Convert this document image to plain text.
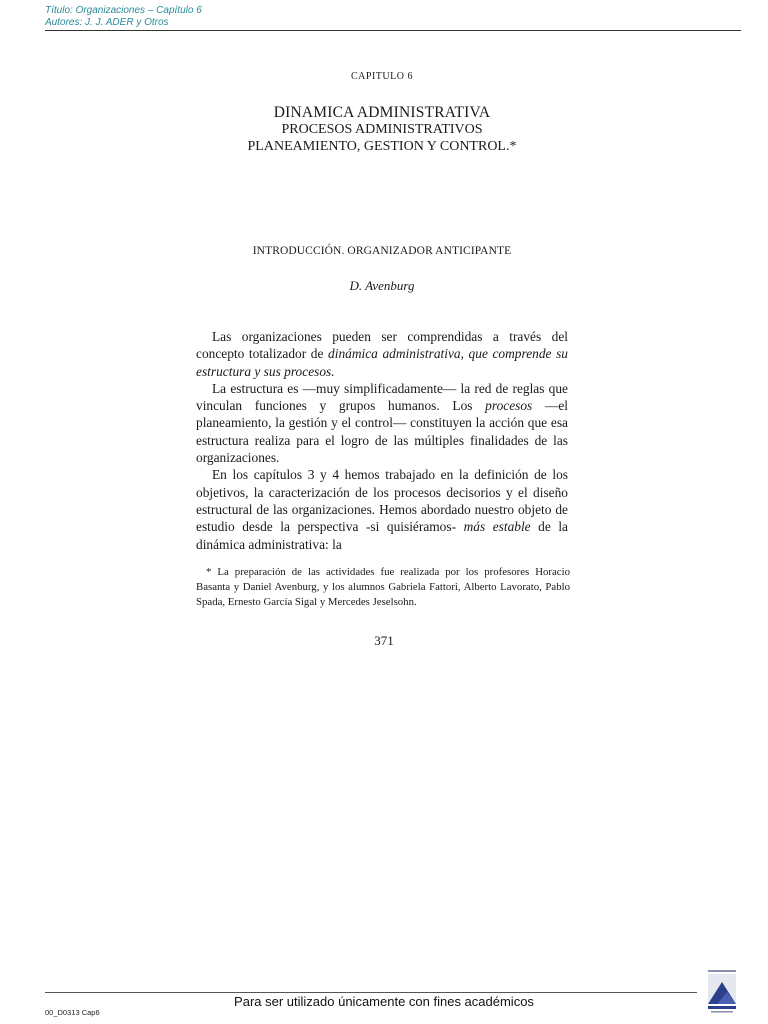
Título: Organizaciones – Capítulo 6
Autores: J. J. ADER y Otros
CAPITULO 6
DINAMICA ADMINISTRATIVA
PROCESOS ADMINISTRATIVOS
PLANEAMIENTO, GESTION Y CONTROL.*
INTRODUCCIÓN. ORGANIZADOR ANTICIPANTE
D. Avenburg

Las organizaciones pueden ser comprendidas a través del concepto totalizador de dinámica administrativa, que comprende su estructura y sus procesos.

La estructura es —muy simplificadamente— la red de reglas que vinculan funciones y grupos humanos. Los procesos —el planeamiento, la gestión y el control— constituyen la acción que esa estructura realiza para el logro de las múltiples finalidades de las organizaciones.

En los capítulos 3 y 4 hemos trabajado en la definición de los objetivos, la caracterización de los procesos decisorios y el diseño estructural de las organizaciones. Hemos abordado nuestro objeto de estudio desde la perspectiva -si quisiéramos- más estable de la dinámica administrativa: la

* La preparación de las actividades fue realizada por los profesores Horacio Basanta y Daniel Avenburg, y los alumnos Gabriela Fattori, Alberto Lavorato, Pablo Spada, Ernesto García Sigal y Mercedes Jeselsohn.

371
Para ser utilizado únicamente con fines académicos
00_D0313 Cap6
